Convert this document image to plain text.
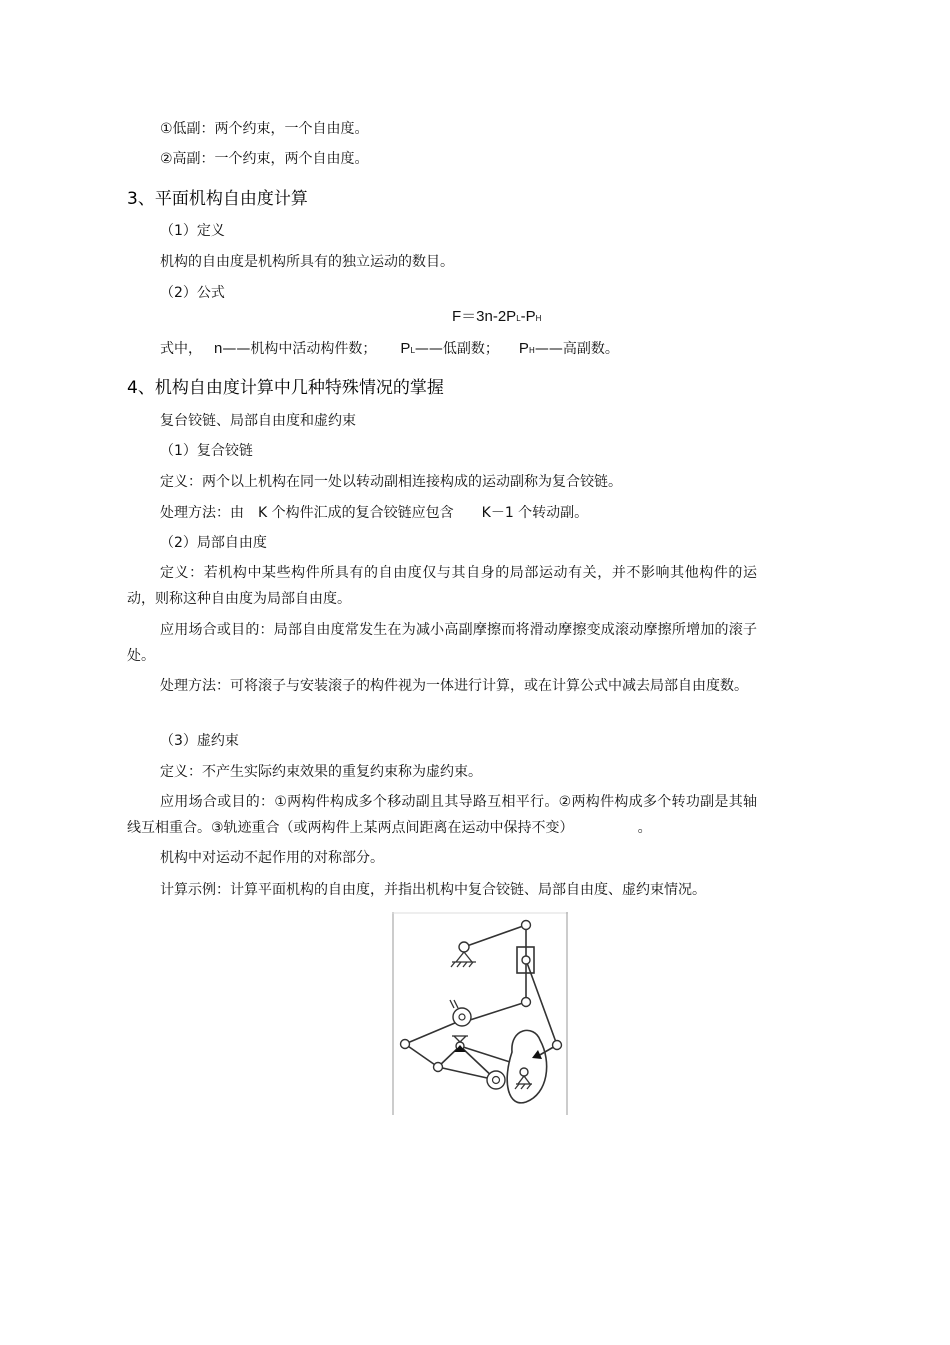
①低副：两个约束，一个自由度。
②高副：一个约束，两个自由度。
3、平面机构自由度计算
（1）定义
机构的自由度是机构所具有的独立运动的数目。
（2）公式
F＝3n-2PL-PH
式中， n——机构中活动构件数； PL——低副数； PH——高副数。
4、机构自由度计算中几种特殊情况的掌握
复台铰链、局部自由度和虚约束
（1）复合铰链
定义：两个以上机构在同一处以转动副相连接构成的运动副称为复合铰链。
处理方法：由 K 个构件汇成的复合铰链应包含 K－1 个转动副。
（2）局部自由度
定义：若机构中某些构件所具有的自由度仅与其自身的局部运动有关，并不影响其他构件的运动，则称这种自由度为局部自由度。
应用场合或目的：局部自由度常发生在为减小高副摩擦而将滑动摩擦变成滚动摩擦所增加的滚子处。
处理方法：可将滚子与安装滚子的构件视为一体进行计算，或在计算公式中减去局部自由度数。
（3）虚约束
定义：不产生实际约束效果的重复约束称为虚约束。
应用场合或目的：①两构件构成多个移动副且其导路互相平行。②两构件构成多个转功副是其轴线互相重合。③轨迹重合（或两构件上某两点间距离在运动中保持不变）	。
机构中对运动不起作用的对称部分。
计算示例：计算平面机构的自由度，并指出机构中复合铰链、局部自由度、虚约束情况。
